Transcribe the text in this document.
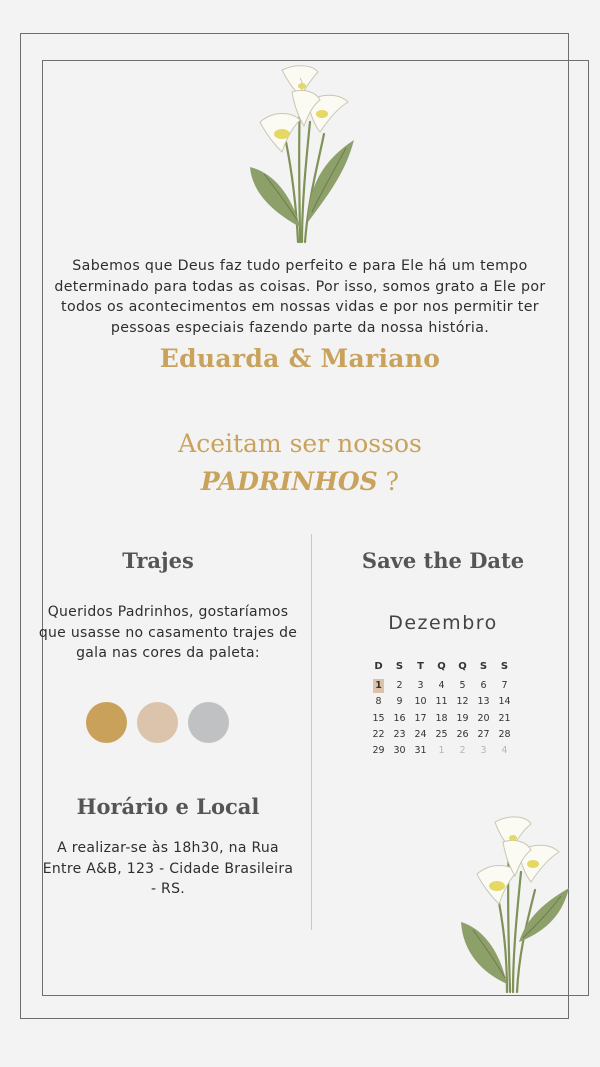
Sabemos que Deus faz tudo perfeito e para Ele há um tempo determinado para todas as coisas. Por isso, somos grato a Ele por todos os acontecimentos em nossas vidas e por nos permitir ter pessoas especiais fazendo parte da nossa história.

Eduarda & Mariano

Aceitam ser nossos
PADRINHOS ?

Trajes

Queridos Padrinhos, gostaríamos que usasse no casamento trajes de gala nas cores da paleta:

Horário e Local

A realizar-se às 18h30, na Rua Entre A&B, 123 - Cidade Brasileira - RS.

Save the Date

Dezembro

D	S	T	Q	Q	S	S
1	2	3	4	5	6	7
8	9	10 11 12 13 14
15 16 17 18 19 20 21
22 23 24 25 26 27 28
29 30 31	1	2	3	4
